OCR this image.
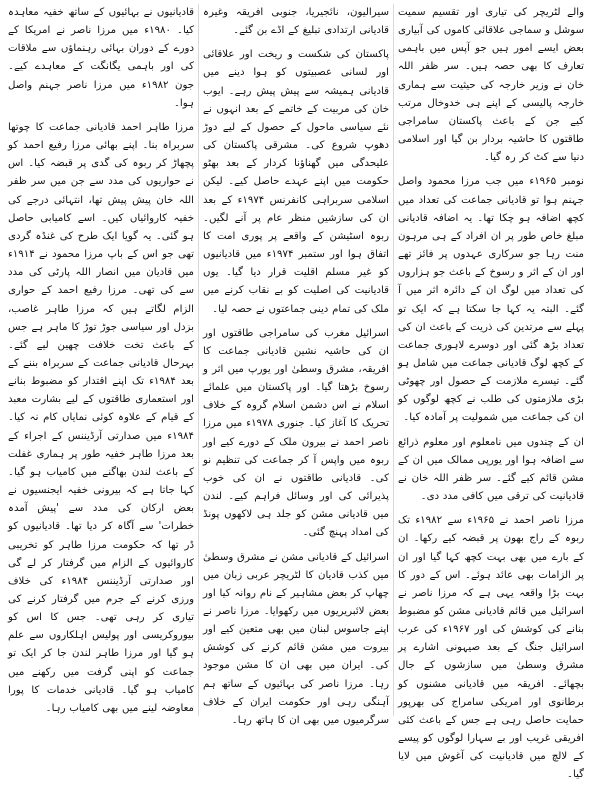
والے لٹریچر کی تیاری اور تقسیم سمیت سوشل و سماجی علاقائی کاموں کی آبیاری بعض ایسے امور ہیں جو آپس میں باہمی تعارف کا بھی حصہ ہیں۔ سر ظفر اللہ خان نے وزیر خارجہ کی حیثیت سے ہماری خارجہ پالیسی کے اپنے ہی خدوخال مرتب کیے جن کے باعث پاکستان سامراجی طاقتوں کا حاشیہ بردار بن گیا اور اسلامی دنیا سے کٹ کر رہ گیا۔

نومبر ۱۹۶۵ء میں جب مرزا محمود واصل جہنم ہوا تو قادیانی جماعت کی تعداد میں کچھ اضافہ ہو چکا تھا۔ یہ اضافہ قادیانی مبلغ خاص طور پر ان افراد کے ہی مرہون منت رہا جو سرکاری عہدوں پر فائز تھے اور ان کے اثر و رسوخ کے باعث جو ہزاروں کی تعداد میں لوگ ان کے دائرہ اثر میں آ گئے۔ البتہ یہ کہا جا سکتا ہے کہ ایک تو پہلے سے مرتدین کی ذریت کے باعث ان کی تعداد بڑھ گئی اور دوسرے لاہوری جماعت کے کچھ لوگ قادیانی جماعت میں شامل ہو گئے۔ تیسرے ملازمت کے حصول اور چھوٹی بڑی ملازمتوں کی طلب نے کچھ لوگوں کو ان کی جماعت میں شمولیت پر آمادہ کیا۔

ان کے چندوں میں نامعلوم اور معلوم ذرائع سے اضافہ ہوا اور یورپی ممالک میں ان کے مشن قائم کیے گئے۔ سر ظفر اللہ خان نے قادیانیت کی ترقی میں کافی مدد دی۔

مرزا ناصر احمد نے ۱۹۶۵ء سے ۱۹۸۲ء تک ربوہ کے راج بھون پر قبضہ کیے رکھا۔ ان کے بارے میں بھی بہت کچھ کہا گیا اور ان پر الزامات بھی عائد ہوئے۔ اس کے دور کا بہت بڑا واقعہ یہی ہے کہ مرزا ناصر نے اسرائیل میں قائم قادیانی مشن کو مضبوط بنانے کی کوشش کی اور ۱۹۶۷ء کی عرب اسرائیل جنگ کے بعد صیہونی اشارے پر مشرق وسطیٰ میں سازشوں کے جال بچھائے۔ افریقہ میں قادیانی مشنوں کو برطانوی اور امریکی سامراج کی بھرپور حمایت حاصل رہی ہے جس کے باعث کئی افریقی غریب اور بے سہارا لوگوں کو پیسے کے لالچ میں قادیانیت کی آغوش میں لایا گیا۔

سیرالیون، نائجیریا، جنوبی افریقہ وغیرہ قادیانی ارتدادی تبلیغ کے اڈے بن گئے۔

پاکستان کی شکست و ریخت اور علاقائی اور لسانی عصبیتوں کو ہوا دینے میں قادیانی ہمیشہ سے پیش پیش رہے۔ ایوب خان کی مربیت کے خاتمے کے بعد انہوں نے نئے سیاسی ماحول کے حصول کے لیے دوڑ دھوپ شروع کی۔ مشرقی پاکستان کی علیحدگی میں گھناؤنا کردار کے بعد بھٹو حکومت میں اپنے عہدے حاصل کیے۔ لیکن اسلامی سربراہی کانفرنس ۱۹۷۴ء کے بعد ان کی سازشیں منظر عام پر آنے لگیں۔ ربوہ اسٹیشن کے واقعے پر پوری امت کا اتفاق ہوا اور ستمبر ۱۹۷۴ء میں قادیانیوں کو غیر مسلم اقلیت قرار دیا گیا۔ یوں قادیانیت کی اصلیت کو بے نقاب کرنے میں ملک کی تمام دینی جماعتوں نے حصہ لیا۔

اسرائیل مغرب کی سامراجی طاقتوں اور ان کی حاشیہ نشین قادیانی جماعت کا افریقہ، مشرق وسطیٰ اور یورپ میں اثر و رسوخ بڑھتا گیا۔ اور پاکستان میں علمائے اسلام نے اس دشمن اسلام گروہ کے خلاف تحریک کا آغاز کیا۔ جنوری ۱۹۷۸ء میں مرزا ناصر احمد نے بیرون ملک کے دورے کیے اور ربوہ میں واپس آ کر جماعت کی تنظیم نو کی۔ قادیانی طاقتوں نے ان کی خوب پذیرائی کی اور وسائل فراہم کیے۔ لندن میں قادیانی مشن کو جلد ہی لاکھوں پونڈ کی امداد پہنچ گئی۔

اسرائیل کے قادیانی مشن نے مشرق وسطیٰ میں کذب قادیان کا لٹریچر عربی زبان میں چھاپ کر بعض مشاہیر کے نام روانہ کیا اور بعض لائبریریوں میں رکھوایا۔ مرزا ناصر نے اپنے جاسوس لبنان میں بھی متعین کیے اور بیروت میں مشن قائم کرنے کی کوشش کی۔ ایران میں بھی ان کا مشن موجود رہا۔ مرزا ناصر کی بہائیوں کے ساتھ ہم آہنگی رہی اور حکومت ایران کے خلاف سرگرمیوں میں بھی ان کا ہاتھ رہا۔

قادیانیوں نے بہائیوں کے ساتھ خفیہ معاہدہ کیا۔ ۱۹۸۰ء میں مرزا ناصر نے امریکا کے دورے کے دوران بہائی رہنماؤں سے ملاقات کی اور باہمی یگانگت کے معاہدے کیے۔ جون ۱۹۸۲ء میں مرزا ناصر جہنم واصل ہوا۔

مرزا طاہر احمد قادیانی جماعت کا چوتھا سربراہ بنا۔ اپنے بھائی مرزا رفیع احمد کو پچھاڑ کر ربوہ کی گدی پر قبضہ کیا۔ اس نے حواریوں کی مدد سے جن میں سر ظفر اللہ خان پیش پیش تھا، انتہائی درجے کی خفیہ کاروائیاں کیں۔ اسے کامیابی حاصل ہو گئی۔ یہ گویا ایک طرح کی غنڈہ گردی تھی جو اس کے باپ مرزا محمود نے ۱۹۱۴ء میں قادیان میں انصار اللہ پارٹی کی مدد سے کی تھی۔ مرزا رفیع احمد کے حواری الزام لگاتے ہیں کہ مرزا طاہر غاصب، بزدل اور سیاسی جوڑ توڑ کا ماہر ہے جس کے باعث تخت خلافت چھین لیے گئے۔ بہرحال قادیانی جماعت کے سربراہ بننے کے بعد ۱۹۸۴ء تک اپنے اقتدار کو مضبوط بنانے اور استعماری طاقتوں کے لیے بشارت معبد کے قیام کے علاوہ کوئی نمایاں کام نہ کیا۔ ۱۹۸۴ء میں صدارتی آرڈیننس کے اجراء کے بعد مرزا طاہر خفیہ طور پر ہماری غفلت کے باعث لندن بھاگنے میں کامیاب ہو گیا۔ کہا جاتا ہے کہ بیرونی خفیہ ایجنسیوں نے بعض ارکان کی مدد سے 'پیش آمدہ خطرات' سے آگاہ کر دیا تھا۔ قادیانیوں کو ڈر تھا کہ حکومت مرزا طاہر کو تخریبی کاروائیوں کے الزام میں گرفتار کر لے گی اور صدارتی آرڈیننس ۱۹۸۴ء کی خلاف ورزی کرنے کے جرم میں گرفتار کرنے کی تیاری کر رہی تھی۔ جس کا اس کو بیوروکریسی اور پولیس اہلکاروں سے علم ہو گیا اور مرزا طاہر لندن جا کر ایک تو جماعت کو اپنی گرفت میں رکھنے میں کامیاب ہو گیا۔ قادیانی خدمات کا پورا معاوضہ لینے میں بھی کامیاب رہا۔
